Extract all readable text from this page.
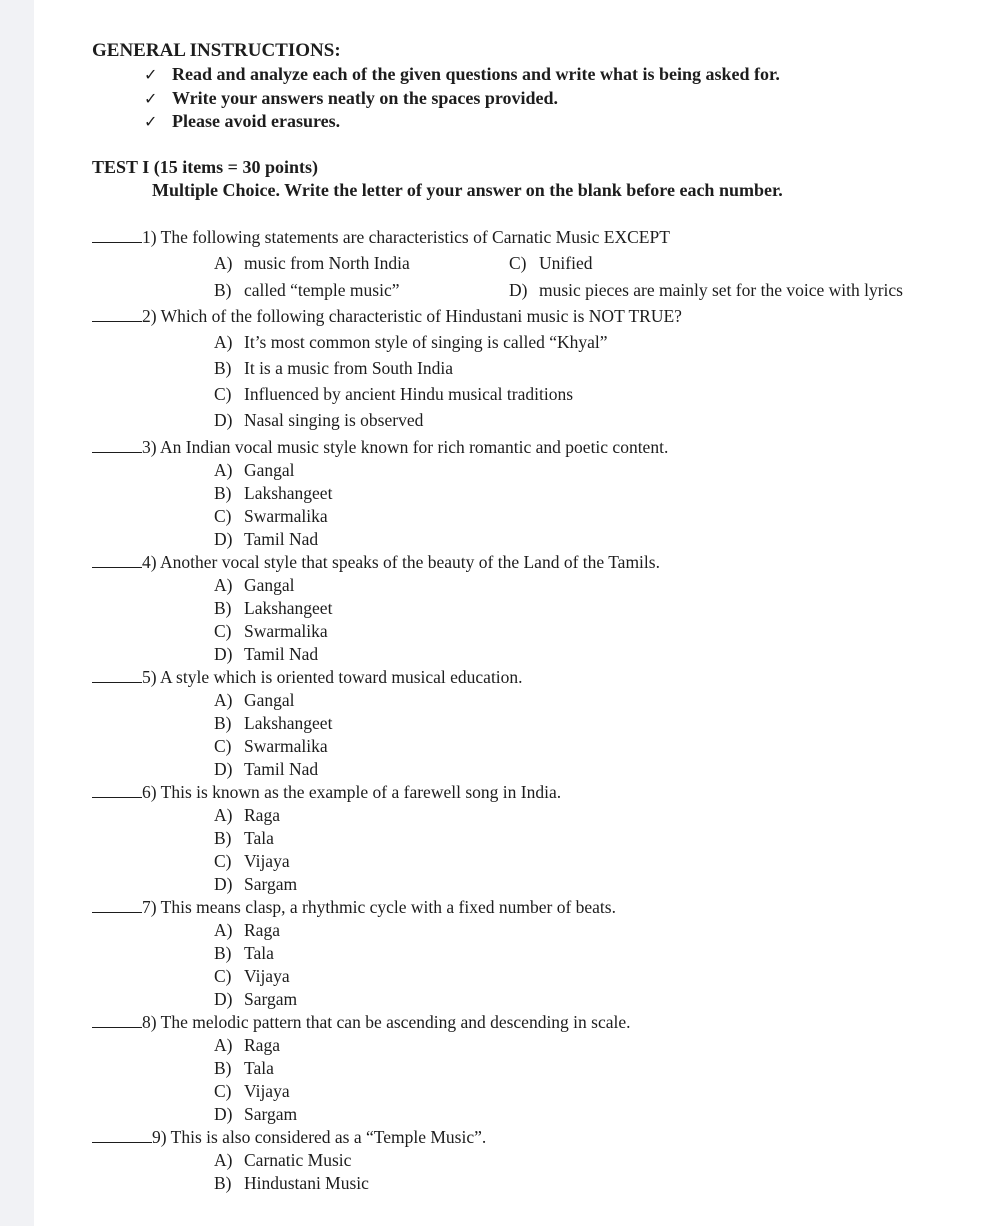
GENERAL INSTRUCTIONS:
✓ Read and analyze each of the given questions and write what is being asked for.
✓ Write your answers neatly on the spaces provided.
✓ Please avoid erasures.
TEST I (15 items = 30 points)
Multiple Choice. Write the letter of your answer on the blank before each number.
1) The following statements are characteristics of Carnatic Music EXCEPT
A) music from North India
B) called “temple music”
C) Unified
D) music pieces are mainly set for the voice with lyrics
2) Which of the following characteristic of Hindustani music is NOT TRUE?
A) It’s most common style of singing is called “Khyal”
B) It is a music from South India
C) Influenced by ancient Hindu musical traditions
D) Nasal singing is observed
3) An Indian vocal music style known for rich romantic and poetic content.
A) Gangal
B) Lakshangeet
C) Swarmalika
D) Tamil Nad
4) Another vocal style that speaks of the beauty of the Land of the Tamils.
A) Gangal
B) Lakshangeet
C) Swarmalika
D) Tamil Nad
5) A style which is oriented toward musical education.
A) Gangal
B) Lakshangeet
C) Swarmalika
D) Tamil Nad
6) This is known as the example of a farewell song in India.
A) Raga
B) Tala
C) Vijaya
D) Sargam
7) This means clasp, a rhythmic cycle with a fixed number of beats.
A) Raga
B) Tala
C) Vijaya
D) Sargam
8) The melodic pattern that can be ascending and descending in scale.
A) Raga
B) Tala
C) Vijaya
D) Sargam
9) This is also considered as a “Temple Music”.
A) Carnatic Music
B) Hindustani Music
